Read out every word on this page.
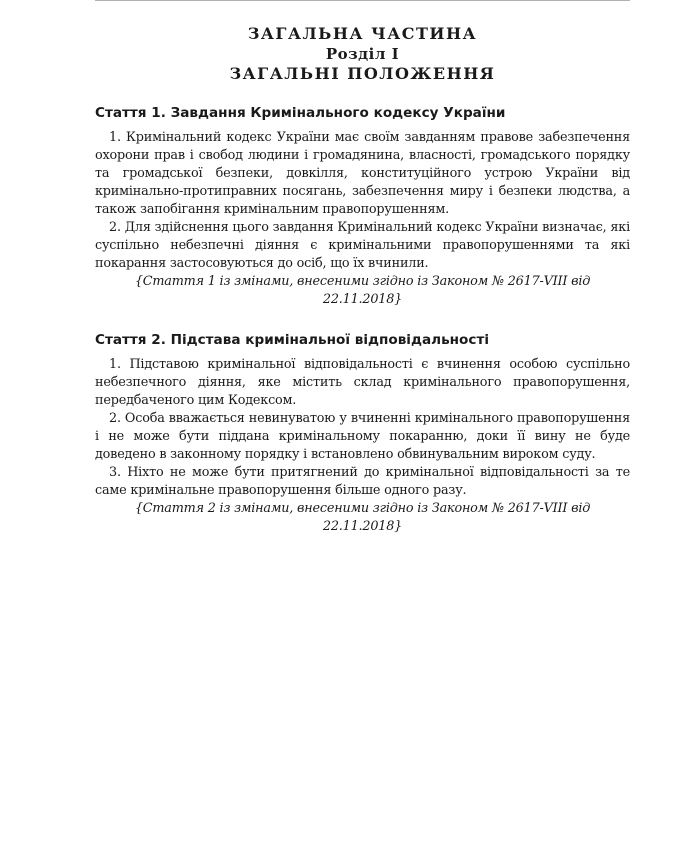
ЗАГАЛЬНА ЧАСТИНА
Розділ І
ЗАГАЛЬНІ ПОЛОЖЕННЯ

Стаття 1. Завдання Кримінального кодексу України

1. Кримінальний кодекс України має своїм завданням правове забезпечення охорони прав і свобод людини і громадянина, власності, громадського порядку та громадської безпеки, довкілля, конституційного устрою України від кримінально-протиправних посягань, забезпечення миру і безпеки людства, а також запобігання кримінальним правопорушенням.

2. Для здійснення цього завдання Кримінальний кодекс України визначає, які суспільно небезпечні діяння є кримінальними правопорушеннями та які покарання застосовуються до осіб, що їх вчинили.

{Стаття 1 із змінами, внесеними згідно із Законом № 2617-VIII від 22.11.2018}

Стаття 2. Підстава кримінальної відповідальності

1. Підставою кримінальної відповідальності є вчинення особою суспільно небезпечного діяння, яке містить склад кримінального правопорушення, передбаченого цим Кодексом.

2. Особа вважається невинуватою у вчиненні кримінального правопорушення і не може бути піддана кримінальному покаранню, доки її вину не буде доведено в законному порядку і встановлено обвинувальним вироком суду.

3. Ніхто не може бути притягнений до кримінальної відповідальності за те саме кримінальне правопорушення більше одного разу.

{Стаття 2 із змінами, внесеними згідно із Законом № 2617-VIII від 22.11.2018}
